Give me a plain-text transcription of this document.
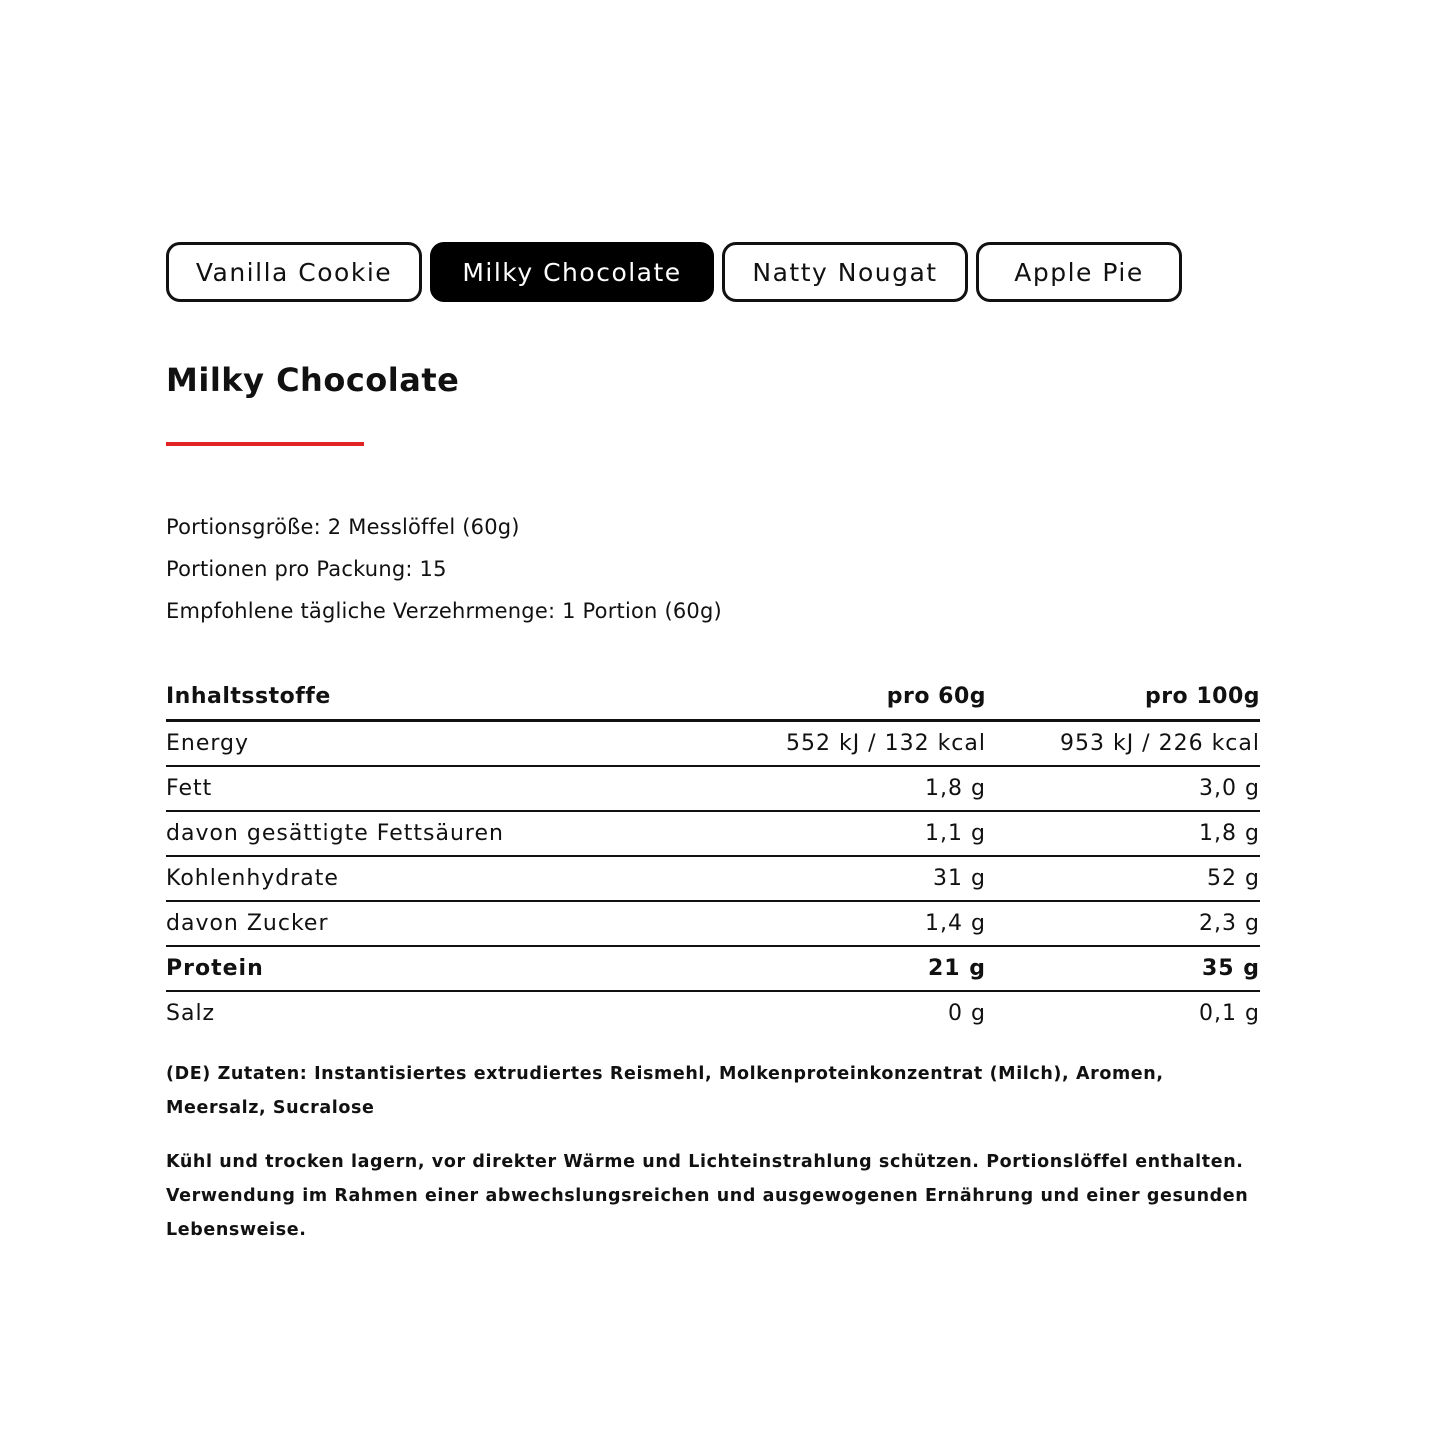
Vanilla Cookie	Milky Chocolate	Natty Nougat	Apple Pie
Milky Chocolate
Portionsgröße: 2 Messlöffel (60g)
Portionen pro Packung: 15
Empfohlene tägliche Verzehrmenge: 1 Portion (60g)
Inhaltsstoffe	pro 60g	pro 100g
Energy	552 kJ / 132 kcal	953 kJ / 226 kcal
Fett	1,8 g	3,0 g
davon gesättigte Fettsäuren	1,1 g	1,8 g
Kohlenhydrate	31 g	52 g
davon Zucker	1,4 g	2,3 g
Protein	21 g	35 g
Salz	0 g	0,1 g
(DE) Zutaten: Instantisiertes extrudiertes Reismehl, Molkenproteinkonzentrat (Milch), Aromen, Meersalz, Sucralose
Kühl und trocken lagern, vor direkter Wärme und Lichteinstrahlung schützen. Portionslöffel enthalten. Verwendung im Rahmen einer abwechslungsreichen und ausgewogenen Ernährung und einer gesunden Lebensweise.
